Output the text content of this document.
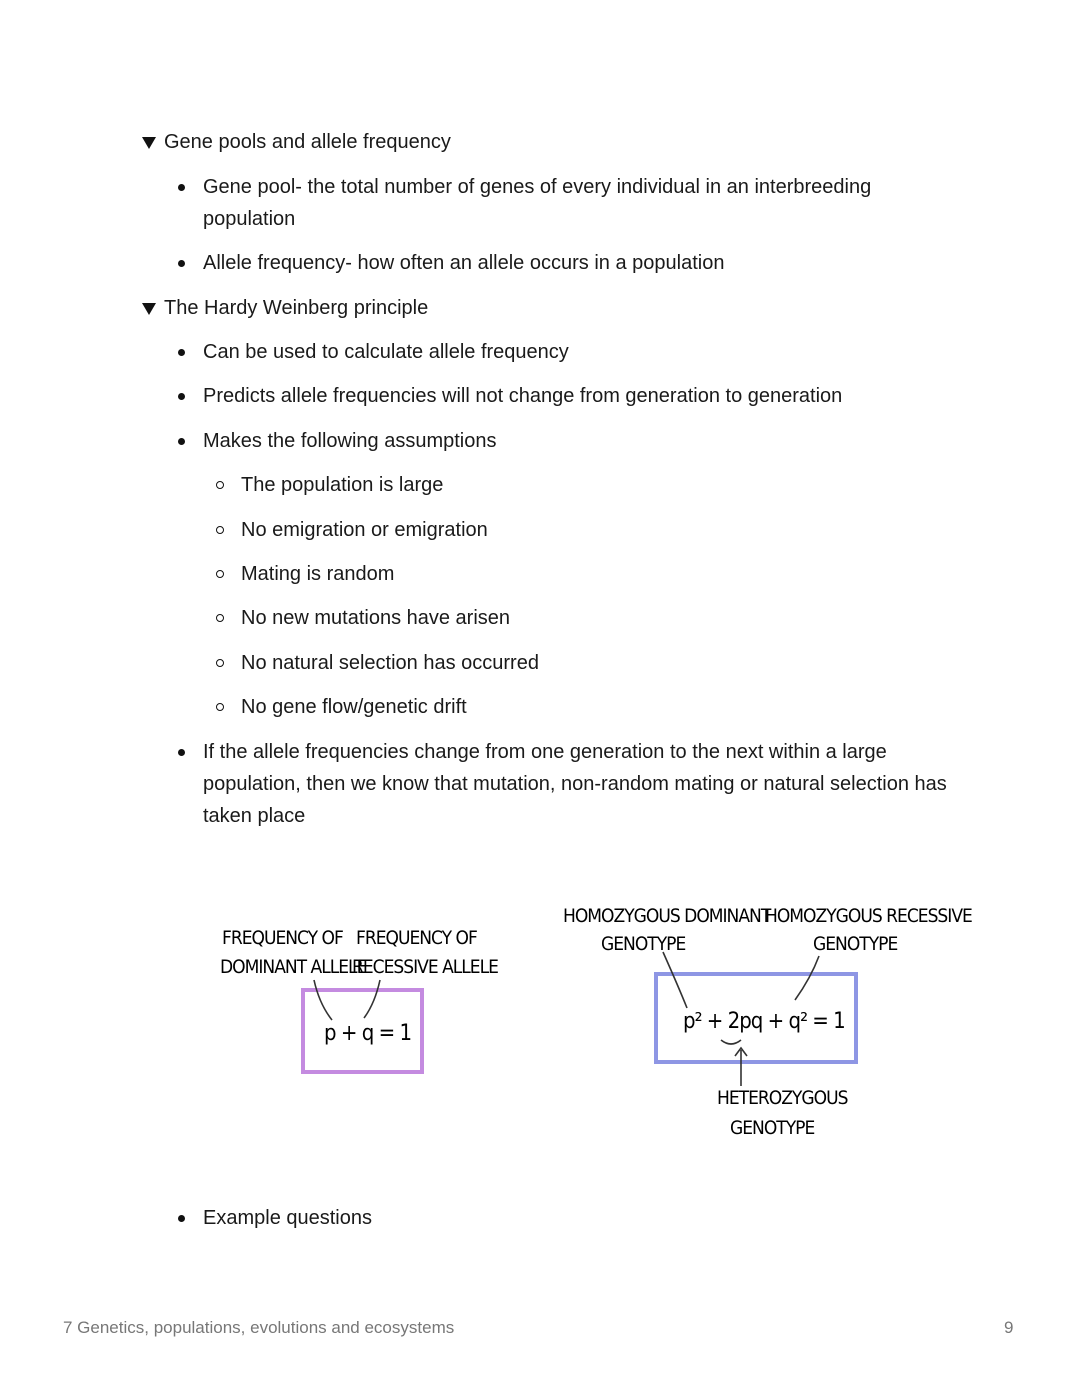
Gene pools and allele frequency
Gene pool- the total number of genes of every individual in an interbreeding population
Allele frequency- how often an allele occurs in a population
The Hardy Weinberg principle
Can be used to calculate allele frequency
Predicts allele frequencies will not change from generation to generation
Makes the following assumptions
The population is large
No emigration or emigration
Mating is random
No new mutations have arisen
No natural selection has occurred
No gene flow/genetic drift
If the allele frequencies change from one generation to the next within a large population, then we know that mutation, non-random mating or natural selection has taken place
FREQUENCY OF
DOMINANT ALLELE
FREQUENCY OF
RECESSIVE ALLELE
p + q = 1
HOMOZYGOUS DOMINANT
GENOTYPE
HOMOZYGOUS RECESSIVE
GENOTYPE
p² + 2pq + q² = 1
HETEROZYGOUS
GENOTYPE
Example questions
7 Genetics, populations, evolutions and ecosystems	9
